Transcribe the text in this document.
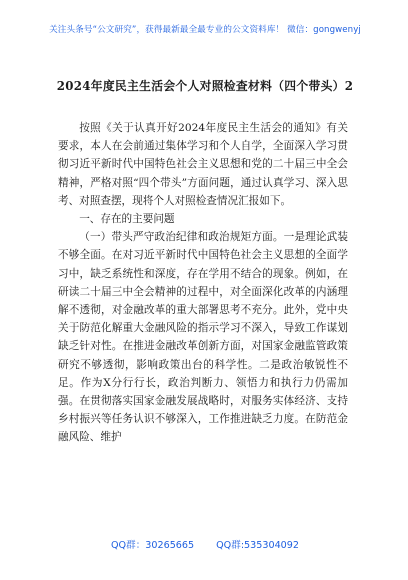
关注头条号“公文研究”，获得最新最全最专业的公文资料库！ 微信：gongwenyj
2024年度民主生活会个人对照检查材料（四个带头）2

按照《关于认真开好2024年度民主生活会的通知》有关要求，本人在会前通过集体学习和个人自学，全面深入学习贯彻习近平新时代中国特色社会主义思想和党的二十届三中全会精神，严格对照“四个带头”方面问题，通过认真学习、深入思考、对照查摆，现将个人对照检查情况汇报如下。

一、存在的主要问题

（一）带头严守政治纪律和政治规矩方面。一是理论武装不够全面。在对习近平新时代中国特色社会主义思想的全面学习中，缺乏系统性和深度，存在学用不结合的现象。例如，在研读二十届三中全会精神的过程中，对全面深化改革的内涵理解不透彻，对金融改革的重大部署思考不充分。此外，党中央关于防范化解重大金融风险的指示学习不深入，导致工作谋划缺乏针对性。在推进金融改革创新方面，对国家金融监管政策研究不够透彻，影响政策出台的科学性。二是政治敏锐性不足。作为X分行行长，政治判断力、领悟力和执行力仍需加强。在贯彻落实国家金融发展战略时，对服务实体经济、支持乡村振兴等任务认识不够深入，工作推进缺乏力度。在防范金融风险、维护

QQ群：30265665 QQ群:535304092
